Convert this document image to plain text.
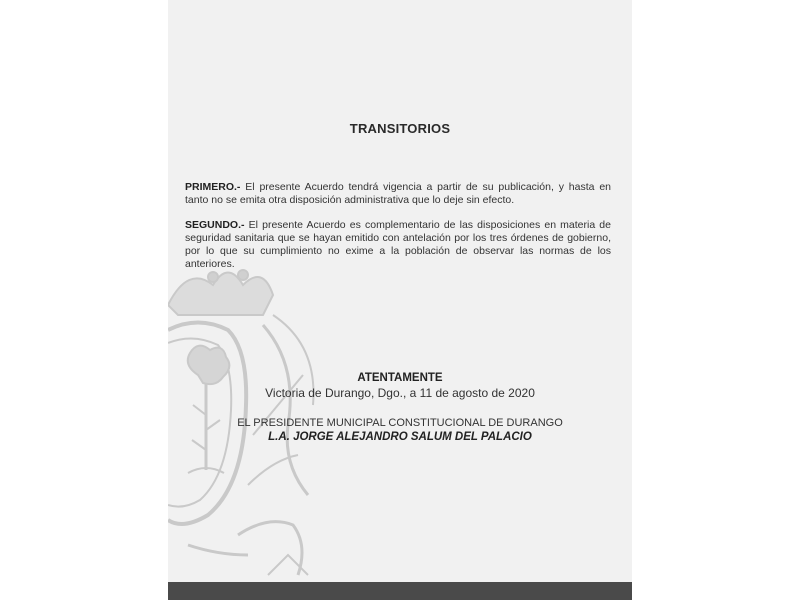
TRANSITORIOS
PRIMERO.- El presente Acuerdo tendrá vigencia a partir de su publicación, y hasta en tanto no se emita otra disposición administrativa que lo deje sin efecto.
SEGUNDO.- El presente Acuerdo es complementario de las disposiciones en materia de seguridad sanitaria que se hayan emitido con antelación por los tres órdenes de gobierno, por lo que su cumplimiento no exime a la población de observar las normas de los anteriores.
ATENTAMENTE
Victoria de Durango, Dgo., a 11 de agosto de 2020
EL PRESIDENTE MUNICIPAL CONSTITUCIONAL DE DURANGO
L.A. JORGE ALEJANDRO SALUM DEL PALACIO
